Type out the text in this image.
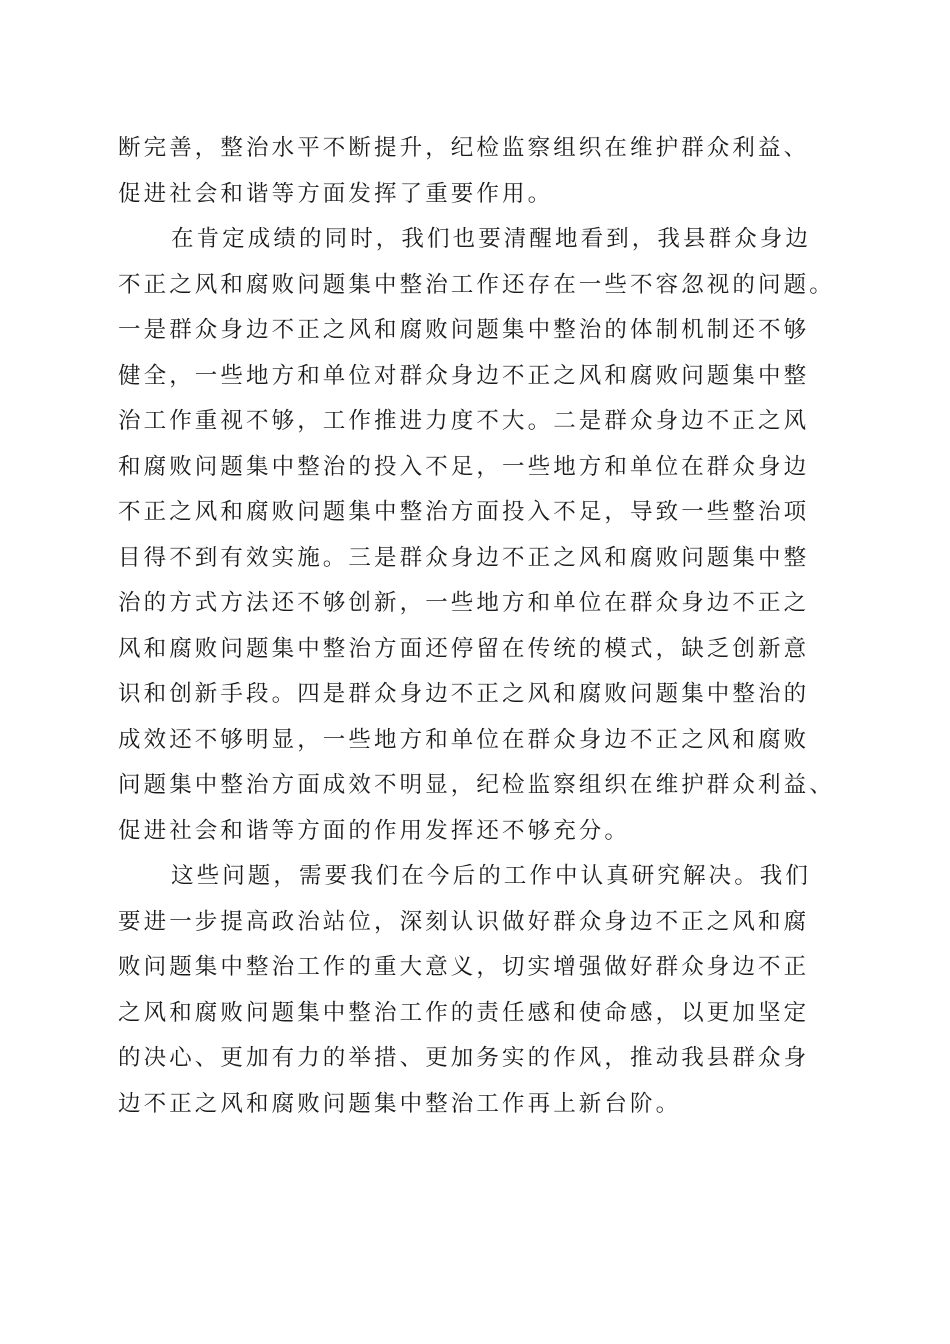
断完善，整治水平不断提升，纪检监察组织在维护群众利益、
促进社会和谐等方面发挥了重要作用。
在肯定成绩的同时，我们也要清醒地看到，我县群众身边
不正之风和腐败问题集中整治工作还存在一些不容忽视的问题。
一是群众身边不正之风和腐败问题集中整治的体制机制还不够
健全，一些地方和单位对群众身边不正之风和腐败问题集中整
治工作重视不够，工作推进力度不大。二是群众身边不正之风
和腐败问题集中整治的投入不足，一些地方和单位在群众身边
不正之风和腐败问题集中整治方面投入不足，导致一些整治项
目得不到有效实施。三是群众身边不正之风和腐败问题集中整
治的方式方法还不够创新，一些地方和单位在群众身边不正之
风和腐败问题集中整治方面还停留在传统的模式，缺乏创新意
识和创新手段。四是群众身边不正之风和腐败问题集中整治的
成效还不够明显，一些地方和单位在群众身边不正之风和腐败
问题集中整治方面成效不明显，纪检监察组织在维护群众利益、
促进社会和谐等方面的作用发挥还不够充分。
这些问题，需要我们在今后的工作中认真研究解决。我们
要进一步提高政治站位，深刻认识做好群众身边不正之风和腐
败问题集中整治工作的重大意义，切实增强做好群众身边不正
之风和腐败问题集中整治工作的责任感和使命感，以更加坚定
的决心、更加有力的举措、更加务实的作风，推动我县群众身
边不正之风和腐败问题集中整治工作再上新台阶。
